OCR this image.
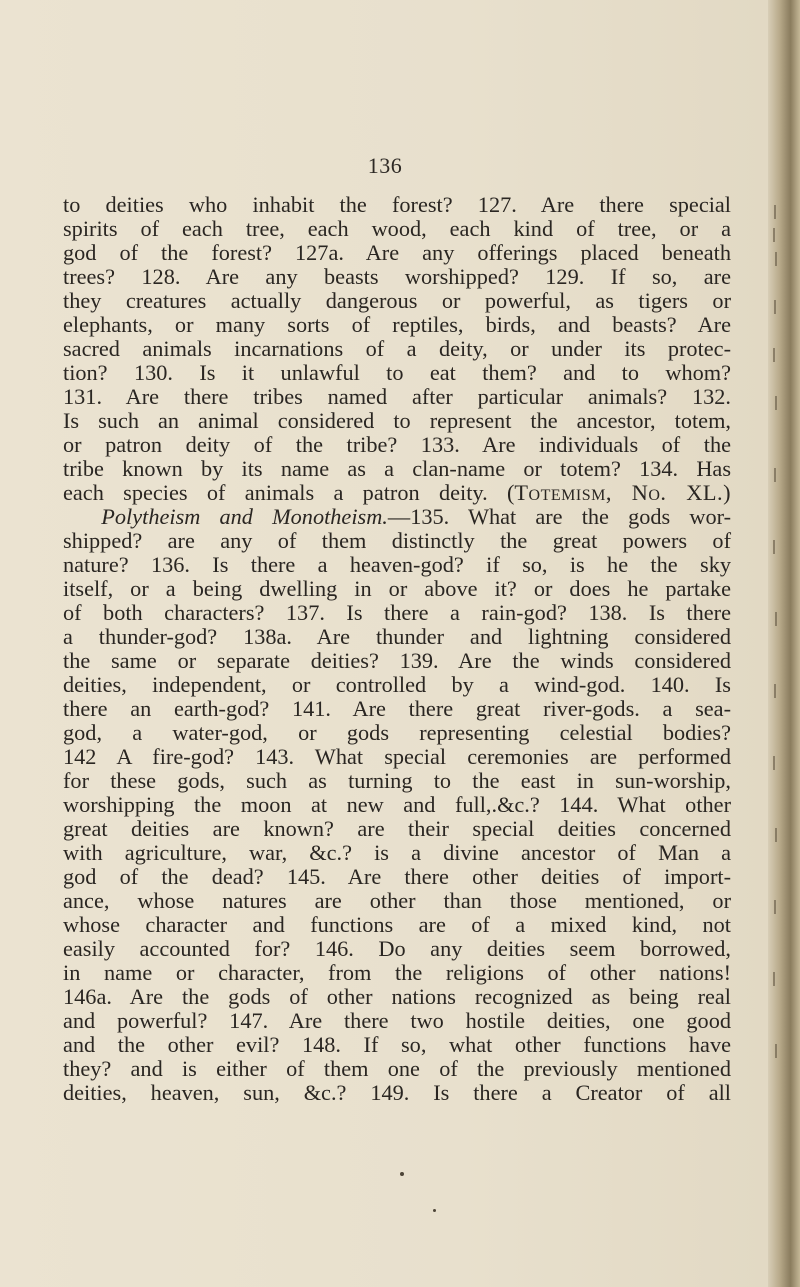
136
to deities who inhabit the forest? 127. Are there special
spirits of each tree, each wood, each kind of tree, or a
god of the forest? 127a. Are any offerings placed beneath
trees? 128. Are any beasts worshipped? 129. If so, are
they creatures actually dangerous or powerful, as tigers or
elephants, or many sorts of reptiles, birds, and beasts? Are
sacred animals incarnations of a deity, or under its protec-
tion? 130. Is it unlawful to eat them? and to whom?
131. Are there tribes named after particular animals? 132.
Is such an animal considered to represent the ancestor, totem,
or patron deity of the tribe? 133. Are individuals of the
tribe known by its name as a clan-name or totem? 134. Has
each species of animals a patron deity. (Totemism, No. XL.)
Polytheism and Monotheism.—135. What are the gods wor-
shipped? are any of them distinctly the great powers of
nature? 136. Is there a heaven-god? if so, is he the sky
itself, or a being dwelling in or above it? or does he partake
of both characters? 137. Is there a rain-god? 138. Is there
a thunder-god? 138a. Are thunder and lightning considered
the same or separate deities? 139. Are the winds considered
deities, independent, or controlled by a wind-god. 140. Is
there an earth-god? 141. Are there great river-gods. a sea-
god, a water-god, or gods representing celestial bodies?
142 A fire-god? 143. What special ceremonies are performed
for these gods, such as turning to the east in sun-worship,
worshipping the moon at new and full,.&c.? 144. What other
great deities are known? are their special deities concerned
with agriculture, war, &c.? is a divine ancestor of Man a
god of the dead? 145. Are there other deities of import-
ance, whose natures are other than those mentioned, or
whose character and functions are of a mixed kind, not
easily accounted for? 146. Do any deities seem borrowed,
in name or character, from the religions of other nations!
146a. Are the gods of other nations recognized as being real
and powerful? 147. Are there two hostile deities, one good
and the other evil? 148. If so, what other functions have
they? and is either of them one of the previously mentioned
deities, heaven, sun, &c.? 149. Is there a Creator of all
